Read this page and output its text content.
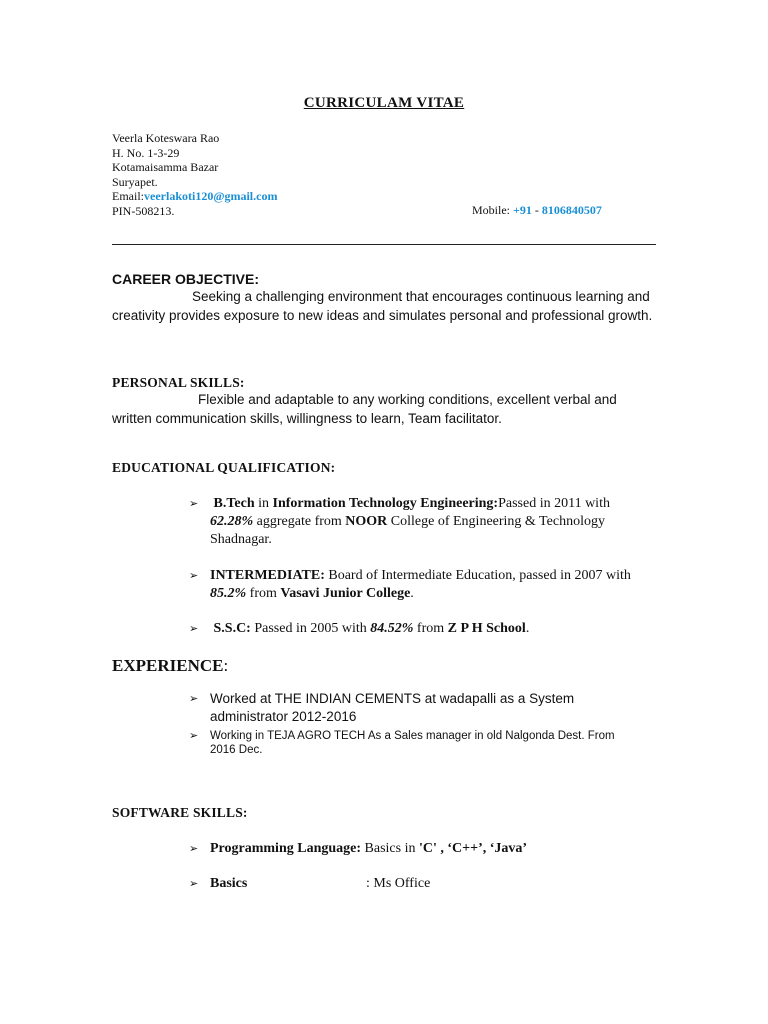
CURRICULAM VITAE
Veerla Koteswara Rao
H. No. 1-3-29
Kotamaisamma Bazar
Suryapet.
Email:veerlakoti120@gmail.com
PIN-508213.	Mobile: +91 - 8106840507
CAREER OBJECTIVE:
Seeking a challenging environment that encourages continuous learning and
creativity provides exposure to new ideas and simulates personal and professional growth.
PERSONAL SKILLS:
Flexible and adaptable to any working conditions, excellent verbal and
written communication skills, willingness to learn, Team facilitator.
EDUCATIONAL QUALIFICATION:
➢ B.Tech in Information Technology Engineering:Passed in 2011 with 62.28% aggregate from NOOR College of Engineering & Technology Shadnagar.
➢ INTERMEDIATE: Board of Intermediate Education, passed in 2007 with 85.2% from Vasavi Junior College.
➢ S.S.C: Passed in 2005 with 84.52% from Z P H School.
EXPERIENCE:
➢ Worked at THE INDIAN CEMENTS at wadapalli as a System administrator 2012-2016
➢ Working in TEJA AGRO TECH As a Sales manager in old Nalgonda Dest. From 2016 Dec.
SOFTWARE SKILLS:
➢ Programming Language: Basics in 'C' , ‘C++’, ‘Java’
➢ Basics	: Ms Office
